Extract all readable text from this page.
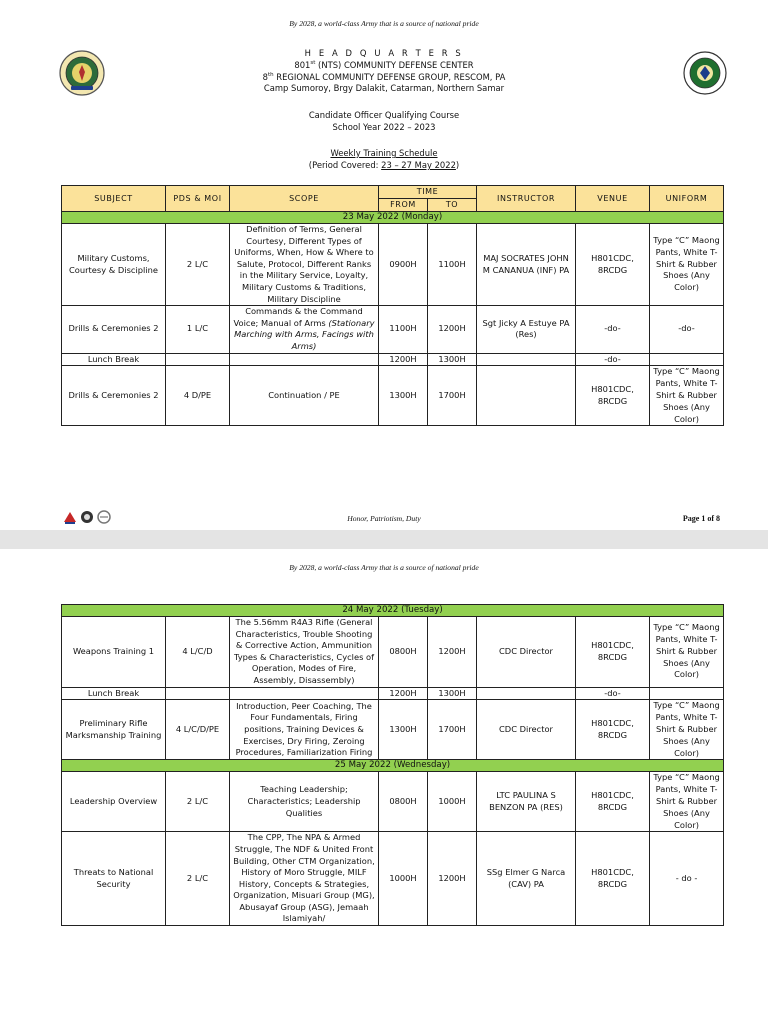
By 2028, a world-class Army that is a source of national pride
H E A D Q U A R T E R S
801st (NTS) COMMUNITY DEFENSE CENTER
8th REGIONAL COMMUNITY DEFENSE GROUP, RESCOM, PA
Camp Sumoroy, Brgy Dalakit, Catarman, Northern Samar
Candidate Officer Qualifying Course
School Year 2022 – 2023
Weekly Training Schedule
(Period Covered: 23 – 27 May 2022)
SUBJECT	PDS & MOI	SCOPE	TIME		INSTRUCTOR	VENUE	UNIFORM
			FROM	TO			
23 May 2022 (Monday)							
Military Customs, Courtesy & Discipline	2 L/C	Definition of Terms, General Courtesy, Different Types of Uniforms, When, How & Where to Salute, Protocol, Different Ranks in the Military Service, Loyalty, Military Customs & Traditions, Military Discipline	0900H	1100H	MAJ SOCRATES JOHN M CANANUA (INF) PA	H801CDC, 8RCDG	Type “C” Maong Pants, White T-Shirt & Rubber Shoes (Any Color)
Drills & Ceremonies 2	1 L/C	Commands & the Command Voice; Manual of Arms (Stationary Marching with Arms, Facings with Arms)	1100H	1200H	Sgt Jicky A Estuye PA (Res)	-do-	-do-
Lunch Break			1200H	1300H		-do-	
Drills & Ceremonies 2	4 D/PE	Continuation / PE	1300H	1700H		H801CDC, 8RCDG	Type “C” Maong Pants, White T-Shirt & Rubber Shoes (Any Color)
Honor, Patriotism, Duty	Page 1 of 8
By 2028, a world-class Army that is a source of national pride
24 May 2022 (Tuesday)							
Weapons Training 1	4 L/C/D	The 5.56mm R4A3 Rifle (General Characteristics, Trouble Shooting & Corrective Action, Ammunition Types & Characteristics, Cycles of Operation, Modes of Fire, Assembly, Disassembly)	0800H	1200H	CDC Director	H801CDC, 8RCDG	Type “C” Maong Pants, White T-Shirt & Rubber Shoes (Any Color)
Lunch Break			1200H	1300H		-do-	
Preliminary Rifle Marksmanship Training	4 L/C/D/PE	Introduction, Peer Coaching, The Four Fundamentals, Firing positions, Training Devices & Exercises, Dry Firing, Zeroing Procedures, Familiarization Firing	1300H	1700H	CDC Director	H801CDC, 8RCDG	Type “C” Maong Pants, White T-Shirt & Rubber Shoes (Any Color)
25 May 2022 (Wednesday)							
Leadership Overview	2 L/C	Teaching Leadership; Characteristics; Leadership Qualities	0800H	1000H	LTC PAULINA S BENZON PA (RES)	H801CDC, 8RCDG	Type “C” Maong Pants, White T-Shirt & Rubber Shoes (Any Color)
Threats to National Security	2 L/C	The CPP, The NPA & Armed Struggle, The NDF & United Front Building, Other CTM Organization, History of Moro Struggle, MILF History, Concepts & Strategies, Organization, Misuari Group (MG), Abusayaf Group (ASG), Jemaah Islamiyah/	1000H	1200H	SSg Elmer G Narca (CAV) PA	H801CDC, 8RCDG	- do -
